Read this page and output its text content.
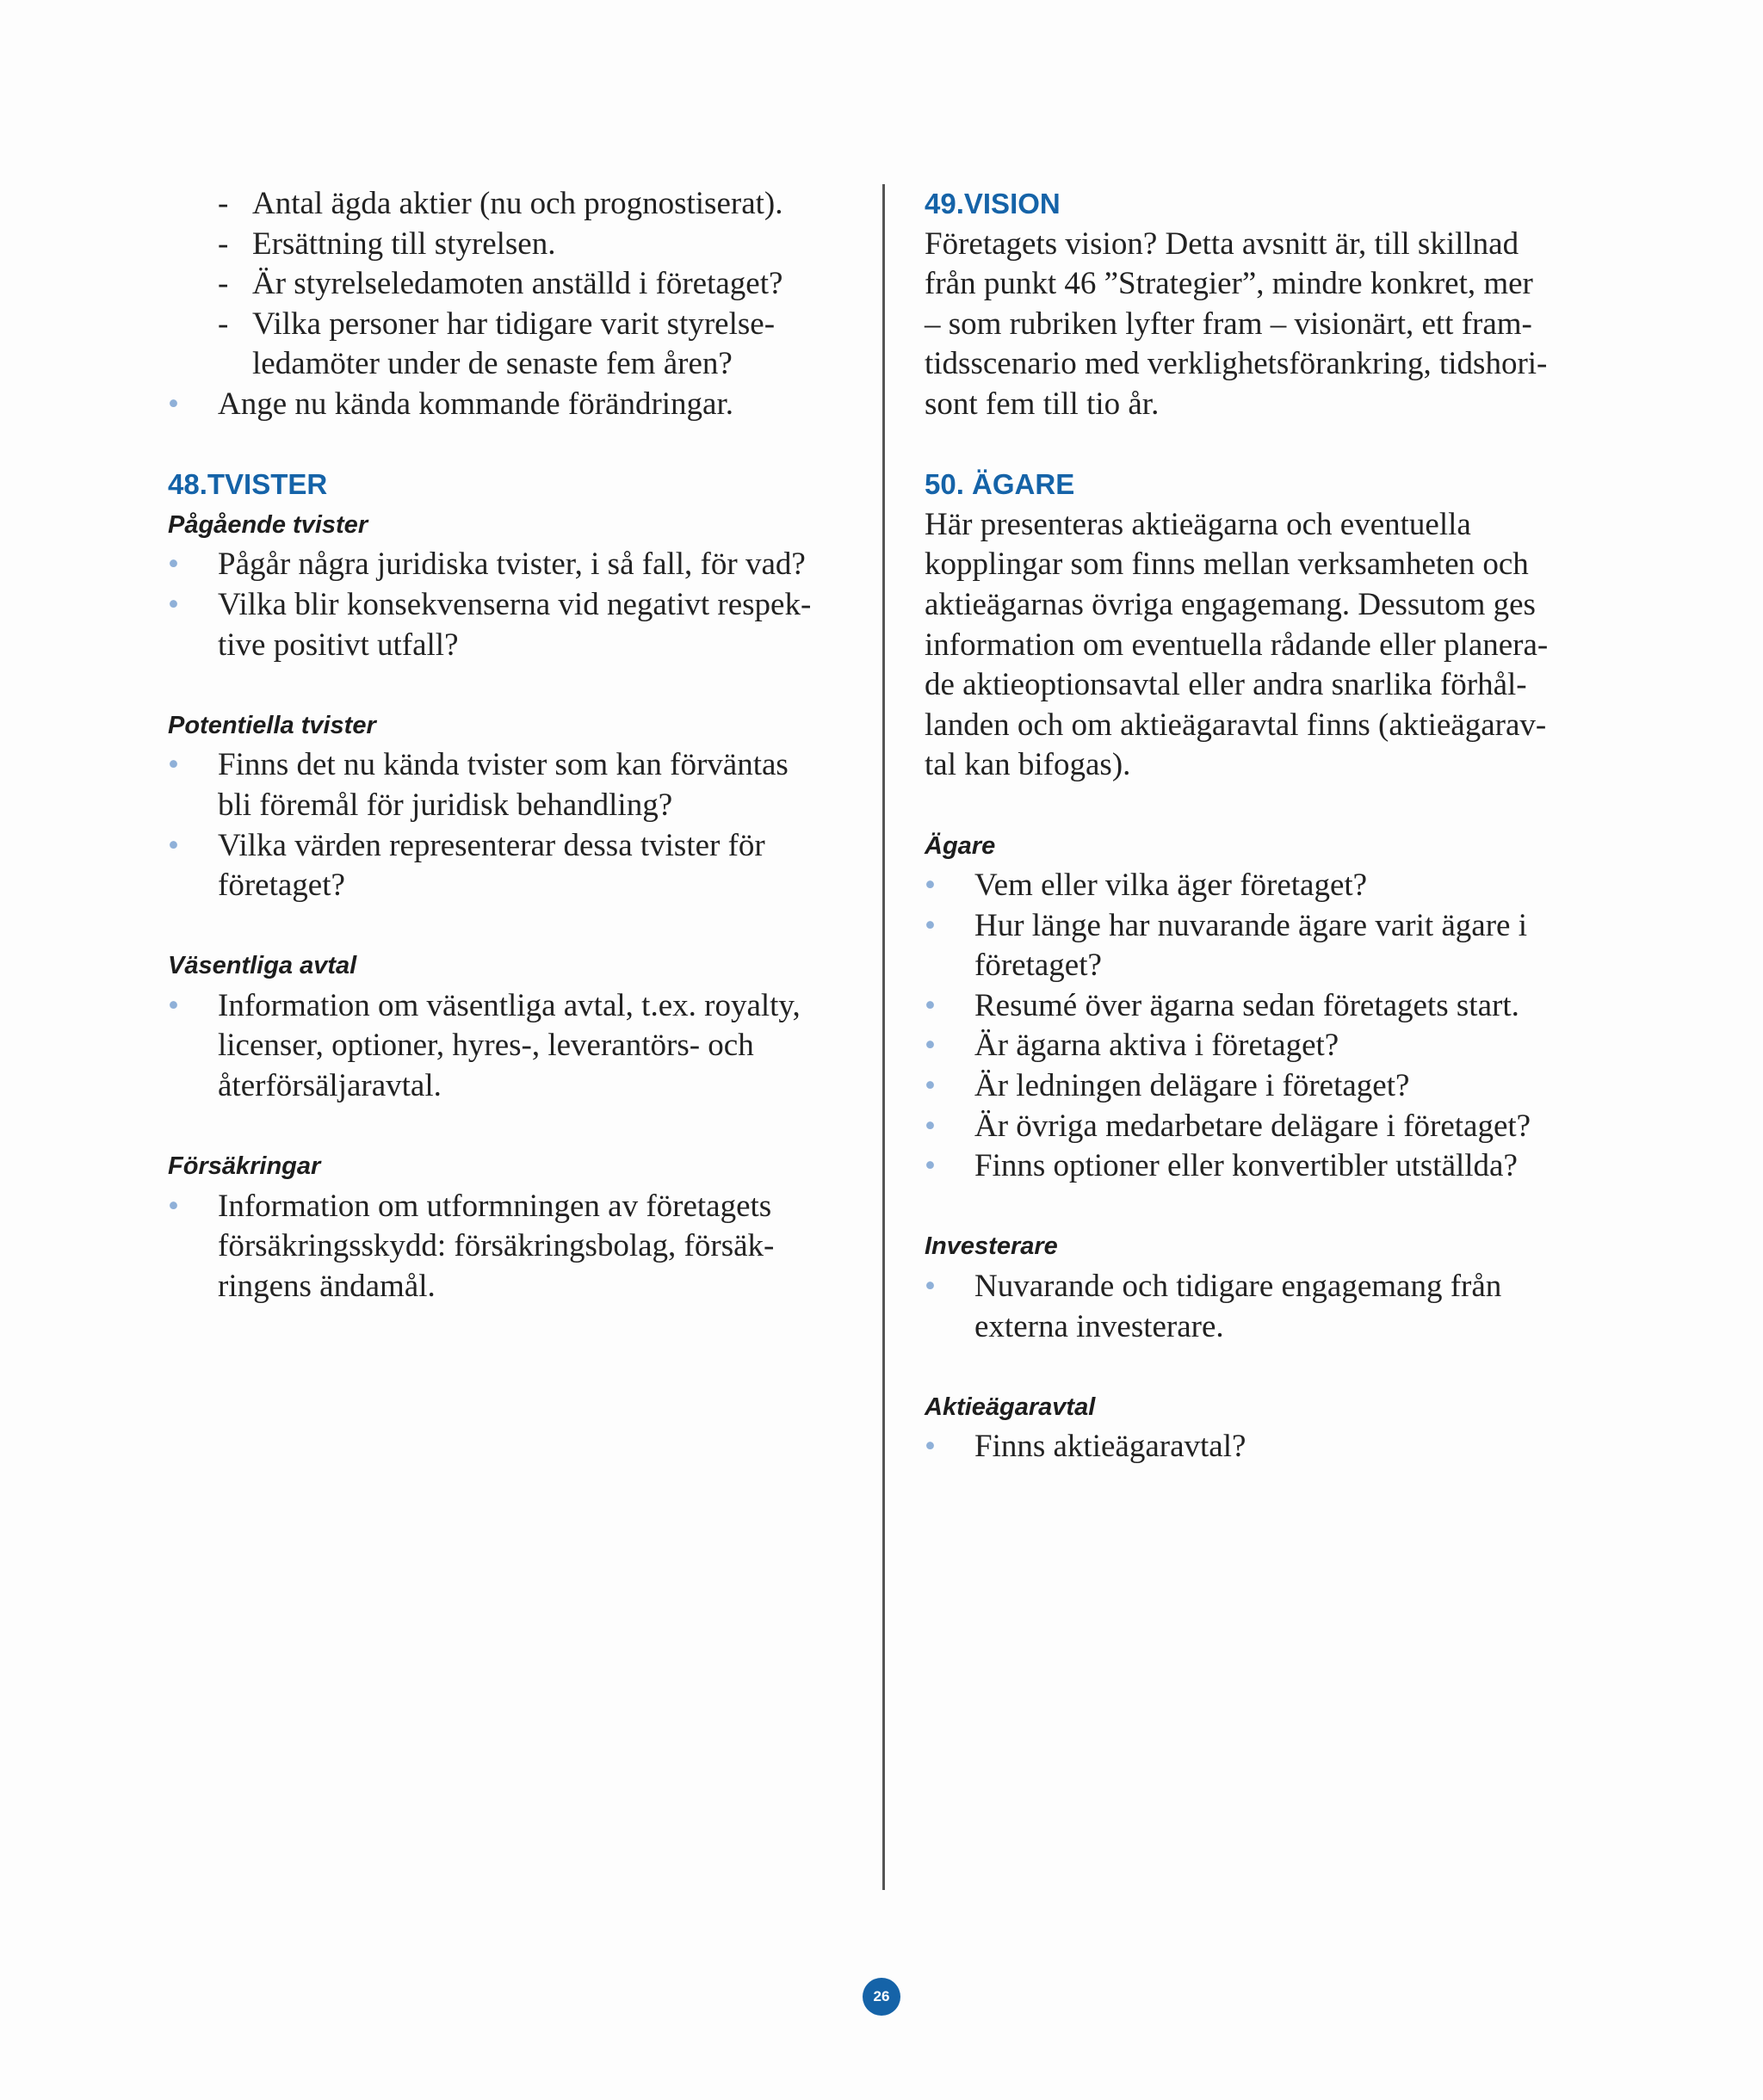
- Antal ägda aktier (nu och prognostiserat).
- Ersättning till styrelsen.
- Är styrelseledamoten anställd i företaget?
- Vilka personer har tidigare varit styrelse-
ledamöter under de senaste fem åren?
• Ange nu kända kommande förändringar.
48.TVISTER
Pågående tvister
• Pågår några juridiska tvister, i så fall, för vad?
• Vilka blir konsekvenserna vid negativt respek-
tive positivt utfall?
Potentiella tvister
• Finns det nu kända tvister som kan förväntas
bli föremål för juridisk behandling?
• Vilka värden representerar dessa tvister för
företaget?
Väsentliga avtal
• Information om väsentliga avtal, t.ex. royalty,
licenser, optioner, hyres-, leverantörs- och
återförsäljaravtal.
Försäkringar
• Information om utformningen av företagets
försäkringsskydd: försäkringsbolag, försäk-
ringens ändamål.
49.VISION
Företagets vision? Detta avsnitt är, till skillnad
från punkt 46 ”Strategier”, mindre konkret, mer
– som rubriken lyfter fram – visionärt, ett fram-
tidsscenario med verklighetsförankring, tidshori-
sont fem till tio år.
50. ÄGARE
Här presenteras aktieägarna och eventuella
kopplingar som finns mellan verksamheten och
aktieägarnas övriga engagemang. Dessutom ges
information om eventuella rådande eller planera-
de aktieoptionsavtal eller andra snarlika förhål-
landen och om aktieägaravtal finns (aktieägarav-
tal kan bifogas).
Ägare
• Vem eller vilka äger företaget?
• Hur länge har nuvarande ägare varit ägare i
företaget?
• Resumé över ägarna sedan företagets start.
• Är ägarna aktiva i företaget?
• Är ledningen delägare i företaget?
• Är övriga medarbetare delägare i företaget?
• Finns optioner eller konvertibler utställda?
Investerare
• Nuvarande och tidigare engagemang från
externa investerare.
Aktieägaravtal
• Finns aktieägaravtal?
26
